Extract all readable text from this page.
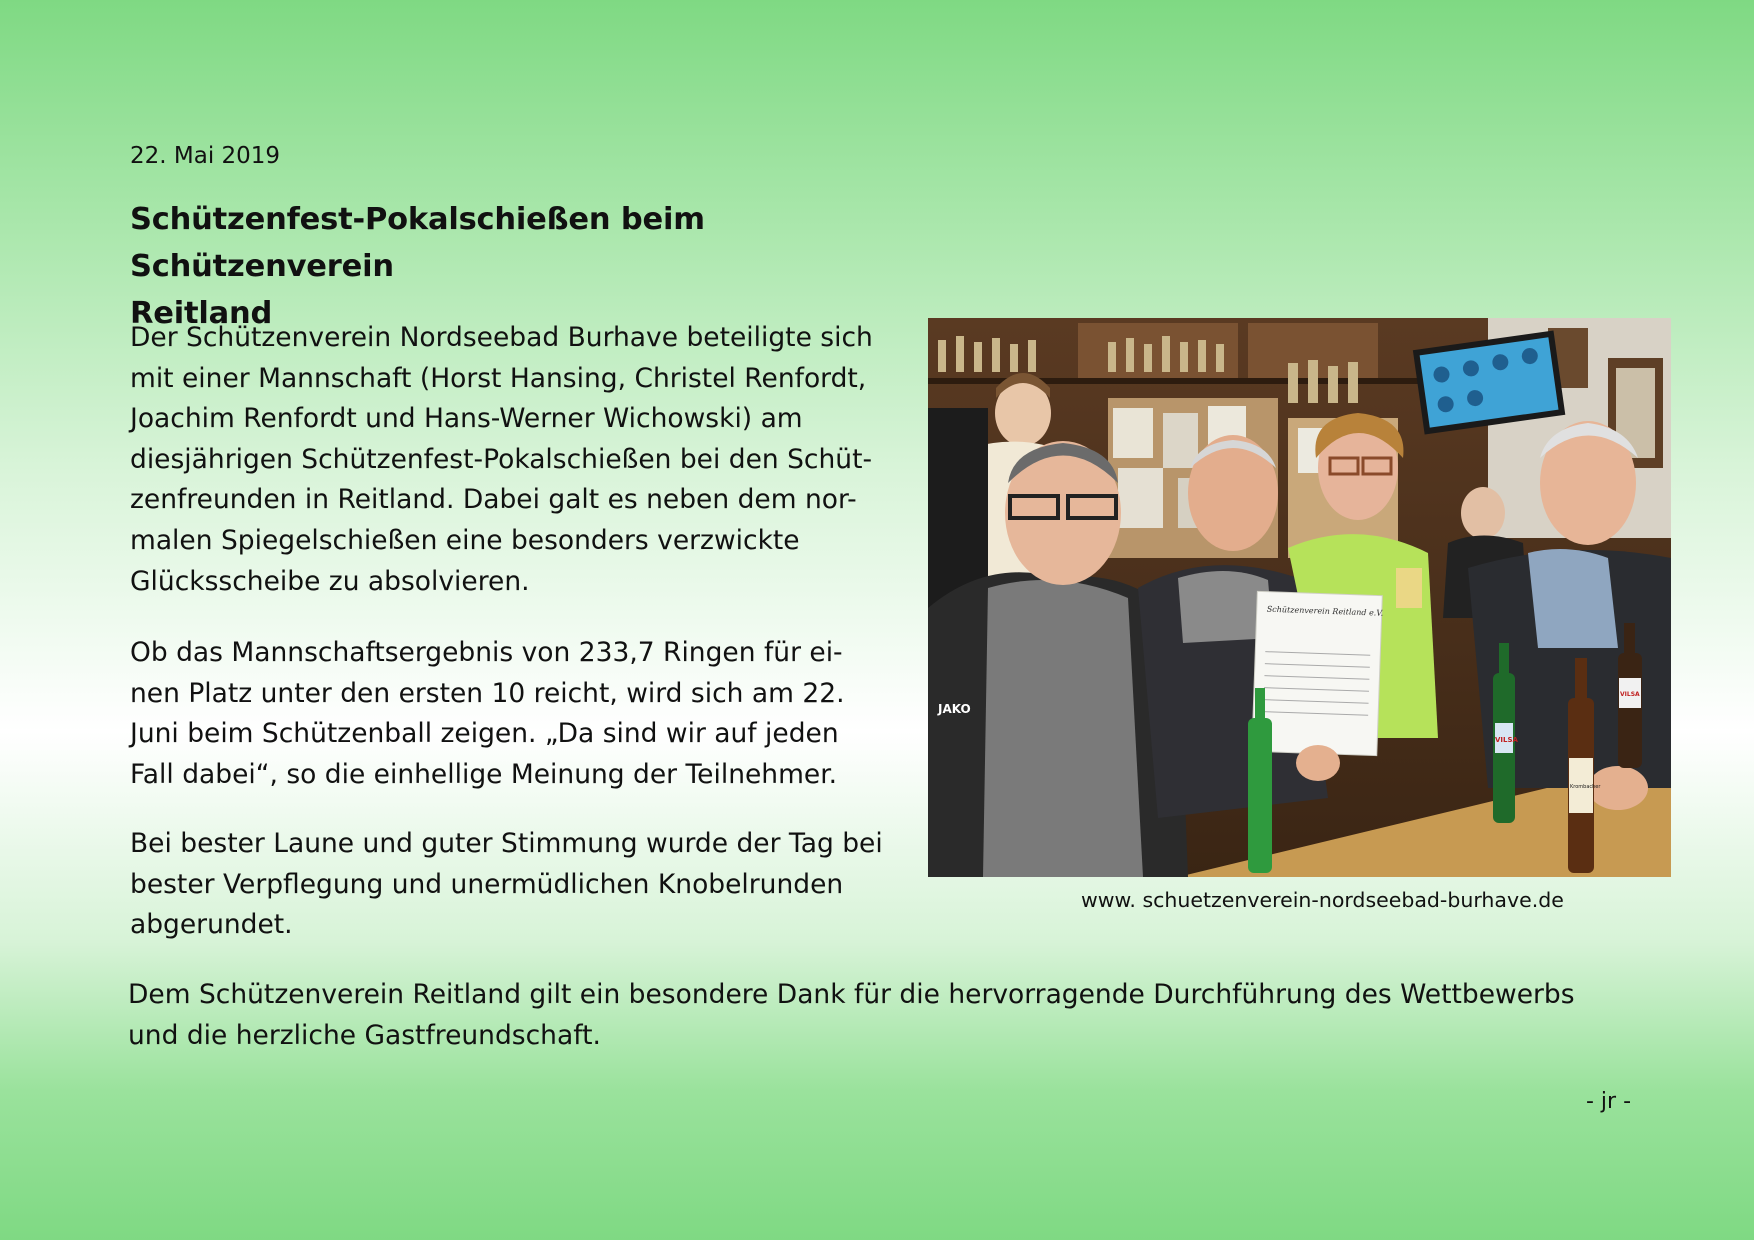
22. Mai 2019
Schützenfest-Pokalschießen beim Schützenverein
Reitland

Der Schützenverein Nordseebad Burhave beteiligte sich

mit einer Mannschaft (Horst Hansing, Christel Renfordt,

Joachim Renfordt und Hans-Werner Wichowski) am

diesjährigen Schützenfest-Pokalschießen bei den Schüt-

zenfreunden in Reitland. Dabei galt es neben dem nor-

malen Spiegelschießen eine besonders verzwickte

Glücksscheibe zu absolvieren.

Ob das Mannschaftsergebnis von 233,7 Ringen für ei-

nen Platz unter den ersten 10 reicht, wird sich am 22.

Juni beim Schützenball zeigen. „Da sind wir auf jeden

Fall dabei“, so die einhellige Meinung der Teilnehmer.

Bei bester Laune und guter Stimmung wurde der Tag bei

bester Verpflegung und unermüdlichen Knobelrunden

abgerundet.

JAKO
Schützenverein Reitland e.V.
VILSA
Krombacher
VILSA
www. schuetzenverein-nordseebad-burhave.de
Dem Schützenverein Reitland gilt ein besondere Dank für die hervorragende Durchführung des Wettbewerbs
und die herzliche Gastfreundschaft.
- jr -
